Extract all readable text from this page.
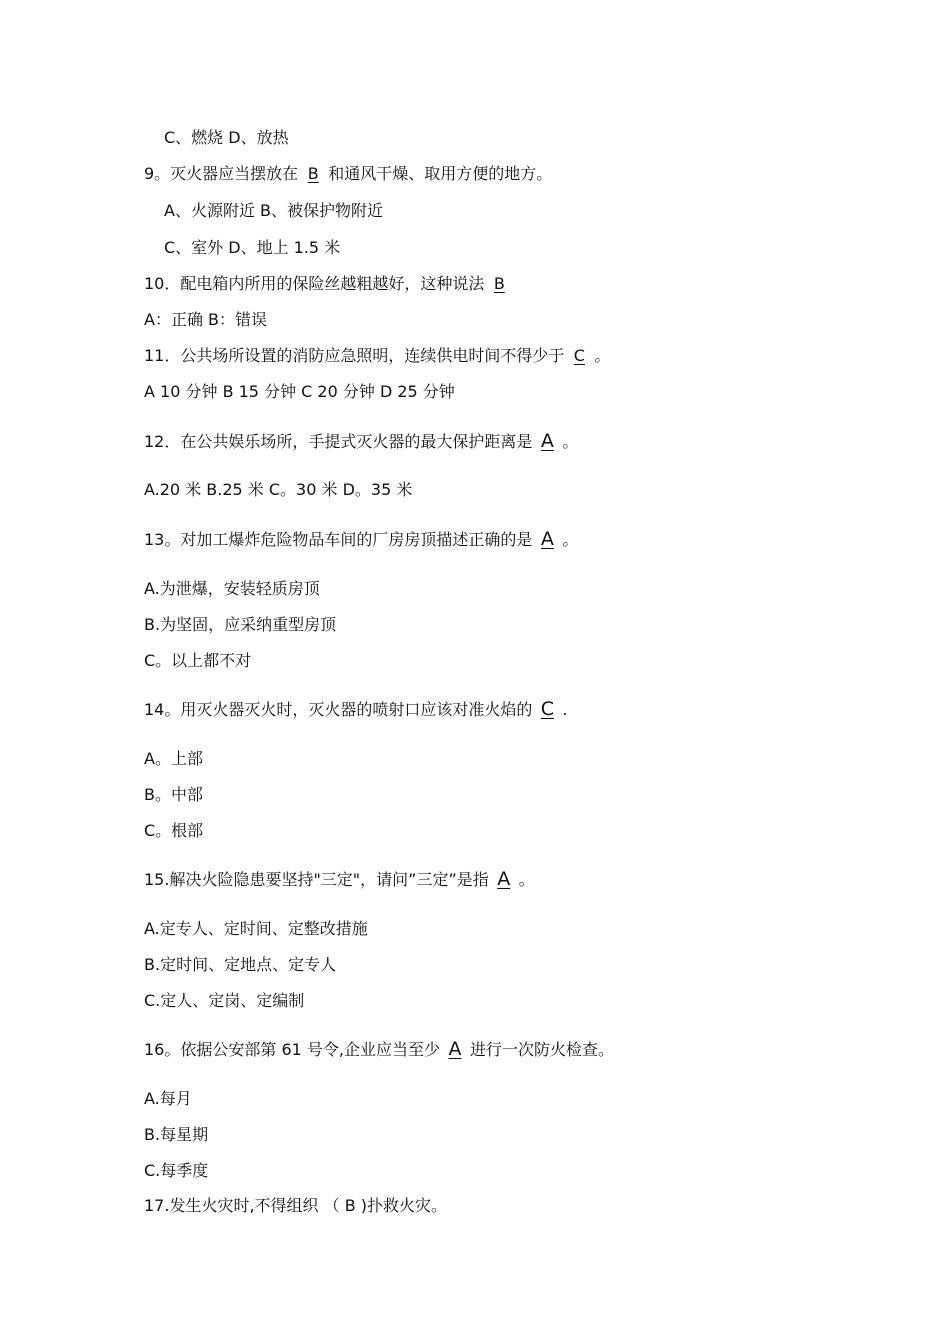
C、燃烧 D、放热
9。灭火器应当摆放在 B 和通风干燥、取用方便的地方。
A、火源附近 B、被保护物附近
C、室外 D、地上 1.5 米
10．配电箱内所用的保险丝越粗越好，这种说法 B
A：正确 B：错误
11．公共场所设置的消防应急照明，连续供电时间不得少于 C 。
A 10 分钟 B 15 分钟 C 20 分钟 D 25 分钟
12．在公共娱乐场所，手提式灭火器的最大保护距离是 A 。
A.20 米 B.25 米 C。30 米 D。35 米
13。对加工爆炸危险物品车间的厂房房顶描述正确的是 A 。
A.为泄爆，安装轻质房顶
B.为坚固，应采纳重型房顶
C。以上都不对
14。用灭火器灭火时，灭火器的喷射口应该对准火焰的 C .
A。上部
B。中部
C。根部
15.解决火险隐患要坚持"三定"，请问”三定”是指 A 。
A.定专人、定时间、定整改措施
B.定时间、定地点、定专人
C.定人、定岗、定编制
16。依据公安部第 61 号令,企业应当至少 A 进行一次防火检查。
A.每月
B.每星期
C.每季度
17.发生火灾时,不得组织 （ B )扑救火灾。
